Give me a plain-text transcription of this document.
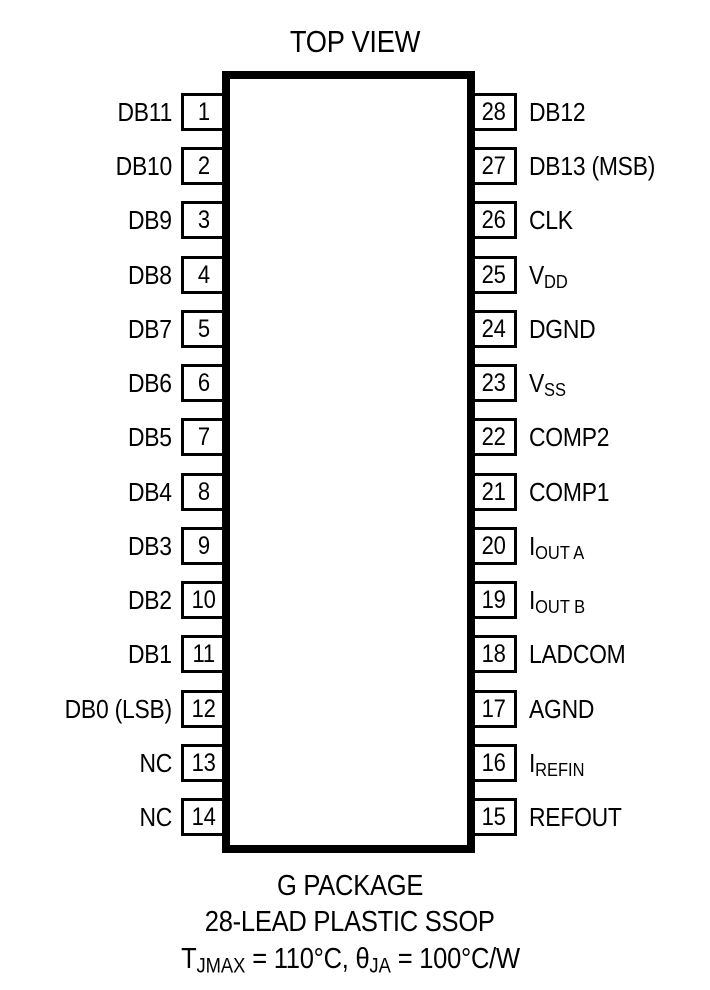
TOP VIEW
1
DB11
2
DB10
3
DB9
4
DB8
5
DB7
6
DB6
7
DB5
8
DB4
9
DB3
10
DB2
11
DB1
12
DB0 (LSB)
13
NC
14
NC
28 DB12
27 DB13 (MSB)
26 CLK
25 VDD
24 DGND
23 VSS
22 COMP2
21 COMP1
20 IOUT A
19 IOUT B
18 LADCOM
17 AGND
16 IREFIN
15 REFOUT
G PACKAGE
28-LEAD PLASTIC SSOP
TJMAX = 110°C, θJA = 100°C/W
